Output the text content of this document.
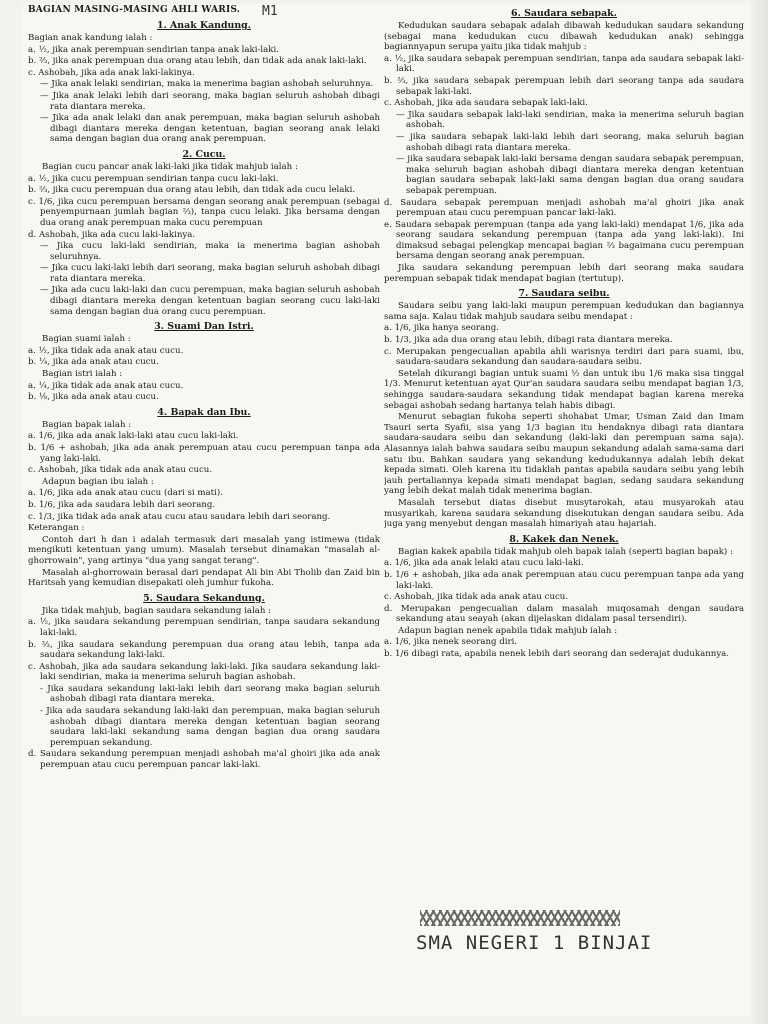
BAGIAN MASING-MASING AHLI WARIS.

1. Anak Kandung.

Bagian anak kandung ialah :

a. ½, jika anak perempuan sendirian tanpa anak laki-laki.

b. ⅔, jika anak perempuan dua orang atau lebih, dan tidak ada anak laki-laki.

c. Ashobah, jika ada anak laki-lakinya.

— Jika anak lelaki sendirian, maka ia menerima bagian ashobah seluruhnya.

— Jika anak lelaki lebih dari seorang, maka bagian seluruh ashobah dibagi rata diantara mereka.

— Jika ada anak lelaki dan anak perempuan, maka bagian seluruh ashobah dibagi diantara mereka dengan ketentuan, bagian seorang anak lelaki sama dengan bagian dua orang anak perempuan.

2. Cucu.

Bagian cucu pancar anak laki-laki jika tidak mahjub ialah :

a. ½, jika cucu perempuan sendirian tanpa cucu laki-laki.

b. ⅔, jika cucu perempuan dua orang atau lebih, dan tidak ada cucu lelaki.

c. 1/6, jika cucu perempuan bersama dengan seorang anak perempuan (sebagai penyempurnaan jumlah bagian ⅔), tanpa cucu lelaki. Jika bersama dengan dua orang anak perempuan maka cucu perempuan

d. Ashobah, jika ada cucu laki-lakinya.

— Jika cucu laki-laki sendirian, maka ia menerima bagian ashobah seluruhnya.

— Jika cucu laki-laki lebih dari seorang, maka bagian seluruh ashobah dibagi rata diantara mereka.

— Jika ada cucu laki-laki dan cucu perempuan, maka bagian seluruh ashobah dibagi diantara mereka dengan ketentuan bagian seorang cucu laki-laki sama dengan bagian dua orang cucu perempuan.

3. Suami Dan Istri.

Bagian suami ialah :

a. ½, jika tidak ada anak atau cucu.

b. ¼, jika ada anak atau cucu.

Bagian istri ialah :

a. ¼, jika tidak ada anak atau cucu.

b. ⅛, jika ada anak atau cucu.

4. Bapak dan Ibu.

Bagian bapak ialah :

a. 1/6, jika ada anak laki-laki atau cucu laki-laki.

b. 1/6 + ashobah, jika ada anak perempuan atau cucu perempuan tanpa ada yang laki-laki.

c. Ashobah, jika tidak ada anak atau cucu.

Adapun bagian ibu ialah :

a. 1/6, jika ada anak atau cucu (dari si mati).

b. 1/6, jika ada saudara lebih dari seorang.

c. 1/3, jika tidak ada anak atau cucu atau saudara lebih dari seorang.

Keterangan :

Contoh dari h dan i adalah termasuk dari masalah yang istimewa (tidak mengikuti ketentuan yang umum). Masalah tersebut dinamakan "masalah al-ghorrowain", yang artinya "dua yang sangat terang".

Masalah al-ghorrowain berasal dari pendapat Ali bin Abi Tholib dan Zaid bin Haritsah yang kemudian disepakati oleh jumhur fukoha.

5. Saudara Sekandung.

Jika tidak mahjub, bagian saudara sekandung ialah :

a. ½, jika saudara sekandung perempuan sendirian, tanpa saudara sekandung laki-laki.

b. ⅔, jika saudara sekandung perempuan dua orang atau lebih, tanpa ada saudara sekandung laki-laki.

c. Ashobah, jika ada saudara sekandung laki-laki. Jika saudara sekandung laki-laki sendirian, maka ia menerima seluruh bagian ashobah.

- Jika saudara sekandung laki-laki lebih dari seorang maka bagian seluruh ashobah dibagi rata diantara mereka.

- Jika ada saudara sekandung laki-laki dan perempuan, maka bagian seluruh ashobah dibagi diantara mereka dengan ketentuan bagian seorang saudara laki-laki sekandung sama dengan bagian dua orang saudara perempuan sekandung.

d. Saudara sekandung perempuan menjadi ashobah ma'al ghoiri jika ada anak perempuan atau cucu perempuan pancar laki-laki.

6. Saudara sebapak.

Kedudukan saudara sebapak adalah dibawah kedudukan saudara sekandung (sebagai mana kedudukan cucu dibawah kedudukan anak) sehingga bagiannyapun serupa yaitu jika tidak mahjub :

a. ½, jika saudara sebapak perempuan sendirian, tanpa ada saudara sebapak laki-laki.

b. ⅔, jika saudara sebapak perempuan lebih dari seorang tanpa ada saudara sebapak laki-laki.

c. Ashobah, jika ada saudara sebapak laki-laki.

— Jika saudara sebapak laki-laki sendirian, maka ia menerima seluruh bagian ashobah.

— jika saudara sebapak laki-laki lebih dari seorang, maka seluruh bagian ashobah dibagi rata diantara mereka.

— jika saudara sebapak laki-laki bersama dengan saudara sebapak perempuan, maka seluruh bagian ashobah dibagi diantara mereka dengan ketentuan bagian saudara sebapak laki-laki sama dengan bagian dua orang saudara sebapak perempuan.

d. Saudara sebapak perempuan menjadi ashobah ma'al ghoiri jika anak perempuan atau cucu perempuan pancar laki-laki.

e. Saudara sebapak perempuan (tanpa ada yang laki-laki) mendapat 1/6, jika ada seorang saudara sekandung perempuan (tanpa ada yang laki-laki). Ini dimaksud sebagai pelengkap mencapai bagian ⅔ bagaimana cucu perempuan bersama dengan seorang anak perempuan.

Jika saudara sekandung perempuan lebih dari seorang maka saudara perempuan sebapak tidak mendapat bagian (tertutup).

7. Saudara seibu.

Saudara seibu yang laki-laki maupun perempuan kedudukan dan bagiannya sama saja. Kalau tidak mahjub saudara seibu mendapat :

a. 1/6, jika hanya seorang.

b. 1/3, jika ada dua orang atau lebih, dibagi rata diantara mereka.

c. Merupakan pengecualian apabila ahli warisnya terdiri dari para suami, ibu, saudara-saudara sekandung dan saudara-saudara seibu.

Setelah dikurangi bagian untuk suami ½ dan untuk ibu 1/6 maka sisa tinggal 1/3. Menurut ketentuan ayat Qur'an saudara saudara seibu mendapat bagian 1/3, sehingga saudara-saudara sekandung tidak mendapat bagian karena mereka sebagai ashobah sedang hartanya telah habis dibagi.

Menurut sebagian fukoha seperti shohabat Umar, Usman Zaid dan Imam Tsauri serta Syafii, sisa yang 1/3 bagian itu hendaknya dibagi rata diantara saudara-saudara seibu dan sekandung (laki-laki dan perempuan sama saja). Alasannya ialah bahwa saudara seibu maupun sekandung adalah sama-sama dari satu ibu. Bahkan saudara yang sekandung kedudukannya adalah lebih dekat kepada simati. Oleh karena itu tidaklah pantas apabila saudara seibu yang lebih jauh pertaliannya kepada simati mendapat bagian, sedang saudara sekandung yang lebih dekat malah tidak menerima bagian.

Masalah tersebut diatas disebut musytarokah, atau musyarokah atau musyarikah, karena saudara sekandung disekutukan dengan saudara seibu. Ada juga yang menyebut dengan masalah himariyah atau hajariah.

8. Kakek dan Nenek.

Bagian kakek apabila tidak mahjub oleh bapak ialah (seperti bagian bapak) :

a. 1/6, jika ada anak lelaki atau cucu laki-laki.

b. 1/6 + ashobah, jika ada anak perempuan atau cucu perempuan tanpa ada yang laki-laki.

c. Ashobah, jika tidak ada anak atau cucu.

d. Merupakan pengecualian dalam masalah muqosamah dengan saudara sekandung atau seayah (akan dijelaskan didalam pasal tersendiri).

Adapun bagian nenek apabila tidak mahjub ialah :

a. 1/6, jika nenek seorang diri.

b. 1/6 dibagi rata, apabila nenek lebih dari seorang dan sederajat dudukannya.

M1
SMA NEGERI 1 BINJAI
